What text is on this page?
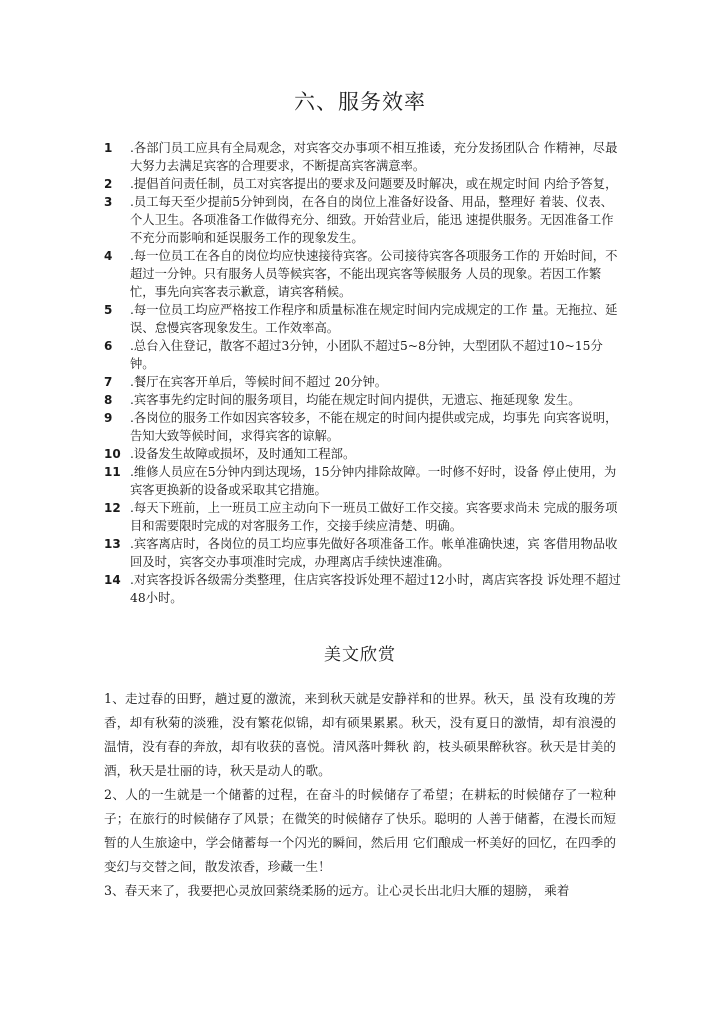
六、服务效率
1 .各部门员工应具有全局观念，对宾客交办事项不相互推诿，充分发扬团队合 作精神，尽最大努力去满足宾客的合理要求，不断提高宾客满意率。
2 .提倡首问责任制，员工对宾客提出的要求及问题要及时解决，或在规定时间 内给予答复，
3 .员工每天至少提前5分钟到岗，在各自的岗位上准备好设备、用品，整理好 着装、仪表、个人卫生。各项准备工作做得充分、细致。开始营业后，能迅 速提供服务。无因准备工作不充分而影响和延误服务工作的现象发生。
4 .每一位员工在各自的岗位均应快速接待宾客。公司接待宾客各项服务工作的 开始时间，不超过一分钟。只有服务人员等候宾客，不能出现宾客等候服务 人员的现象。若因工作繁忙，事先向宾客表示歉意，请宾客稍候。
5 .每一位员工均应严格按工作程序和质量标准在规定时间内完成规定的工作 量。无拖拉、延误、怠慢宾客现象发生。工作效率高。
6 .总台入住登记，散客不超过3分钟，小团队不超过5~8分钟，大型团队不超过10~15分钟。
7 .餐厅在宾客开单后，等候时间不超过 20分钟。
8 .宾客事先约定时间的服务项目，均能在规定时间内提供，无遗忘、拖延现象 发生。
9 .各岗位的服务工作如因宾客较多，不能在规定的时间内提供或完成，均事先 向宾客说明，告知大致等候时间，求得宾客的谅解。
10 .设备发生故障或损坏，及时通知工程部。
11 .维修人员应在5分钟内到达现场，15分钟内排除故障。一时修不好时，设备 停止使用，为宾客更换新的设备或采取其它措施。
12 .每天下班前，上一班员工应主动向下一班员工做好工作交接。宾客要求尚未 完成的服务项目和需要限时完成的对客服务工作，交接手续应清楚、明确。
13 .宾客离店时，各岗位的员工均应事先做好各项准备工作。帐单准确快速，宾 客借用物品收回及时，宾客交办事项准时完成，办理离店手续快速准确。
14 .对宾客投诉各级需分类整理，住店宾客投诉处理不超过12小时，离店宾客投 诉处理不超过48小时。
美文欣赏

1、走过春的田野，趟过夏的激流，来到秋天就是安静祥和的世界。秋天，虽 没有玫瑰的芳香，却有秋菊的淡雅，没有繁花似锦，却有硕果累累。秋天，没有夏日的激情，却有浪漫的温情，没有春的奔放，却有收获的喜悦。清风落叶舞秋 韵，枝头硕果醉秋容。秋天是甘美的酒，秋天是壮丽的诗，秋天是动人的歌。

2、人的一生就是一个储蓄的过程，在奋斗的时候储存了希望；在耕耘的时候储存了一粒种子；在旅行的时候储存了风景；在微笑的时候储存了快乐。聪明的 人善于储蓄，在漫长而短暂的人生旅途中，学会储蓄每一个闪光的瞬间，然后用 它们酿成一杯美好的回忆，在四季的变幻与交替之间，散发浓香，珍藏一生！

3、春天来了，我要把心灵放回萦绕柔肠的远方。让心灵长出北归大雁的翅膀， 乘着
